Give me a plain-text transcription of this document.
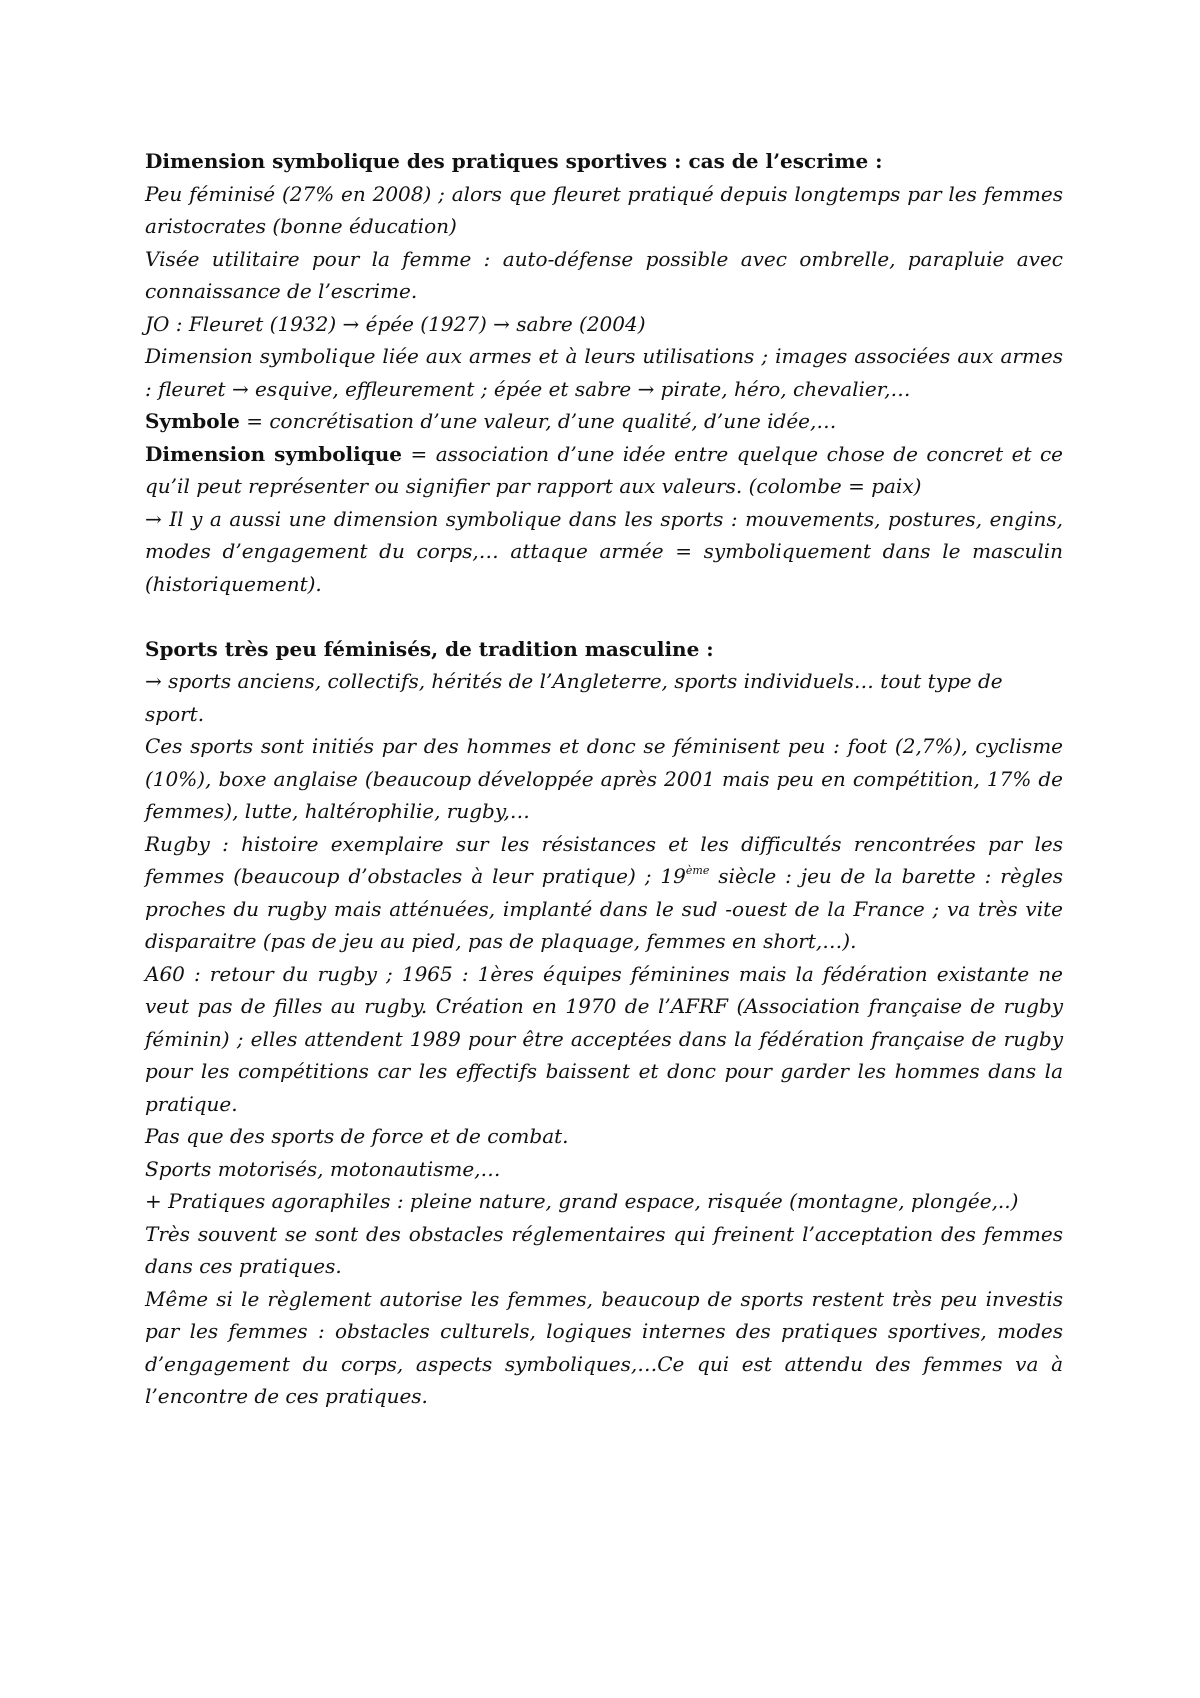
Dimension symbolique des pratiques sportives : cas de l’escrime :

Peu féminisé (27% en 2008) ; alors que fleuret pratiqué depuis longtemps par les femmes aristocrates (bonne éducation)

Visée utilitaire pour la femme : auto-défense possible avec ombrelle, parapluie avec connaissance de l’escrime.

JO : Fleuret (1932) → épée (1927) → sabre (2004)

Dimension symbolique liée aux armes et à leurs utilisations ; images associées aux armes : fleuret → esquive, effleurement ; épée et sabre → pirate, héro, chevalier,…

Symbole = concrétisation d’une valeur, d’une qualité, d’une idée,…

Dimension symbolique = association d’une idée entre quelque chose de concret et ce qu’il peut représenter ou signifier par rapport aux valeurs. (colombe = paix)

→ Il y a aussi une dimension symbolique dans les sports : mouvements, postures, engins, modes d’engagement du corps,… attaque armée = symboliquement dans le masculin (historiquement).

Sports très peu féminisés, de tradition masculine :

→ sports anciens, collectifs, hérités de l’Angleterre, sports individuels… tout type de sport.

Ces sports sont initiés par des hommes et donc se féminisent peu : foot (2,7%), cyclisme (10%), boxe anglaise (beaucoup développée après 2001 mais peu en compétition, 17% de femmes), lutte, haltérophilie, rugby,…

Rugby : histoire exemplaire sur les résistances et les difficultés rencontrées par les femmes (beaucoup d’obstacles à leur pratique) ; 19ème siècle : jeu de la barette : règles proches du rugby mais atténuées, implanté dans le sud -ouest de la France ; va très vite disparaitre (pas de jeu au pied, pas de plaquage, femmes en short,…).

A60 : retour du rugby ; 1965 : 1ères équipes féminines mais la fédération existante ne veut pas de filles au rugby. Création en 1970 de l’AFRF (Association française de rugby féminin) ; elles attendent 1989 pour être acceptées dans la fédération française de rugby pour les compétitions car les effectifs baissent et donc pour garder les hommes dans la pratique.

Pas que des sports de force et de combat.

Sports motorisés, motonautisme,…

+ Pratiques agoraphiles : pleine nature, grand espace, risquée (montagne, plongée,..)

Très souvent se sont des obstacles réglementaires qui freinent l’acceptation des femmes dans ces pratiques.

Même si le règlement autorise les femmes, beaucoup de sports restent très peu investis par les femmes : obstacles culturels, logiques internes des pratiques sportives, modes d’engagement du corps, aspects symboliques,…Ce qui est attendu des femmes va à l’encontre de ces pratiques.
